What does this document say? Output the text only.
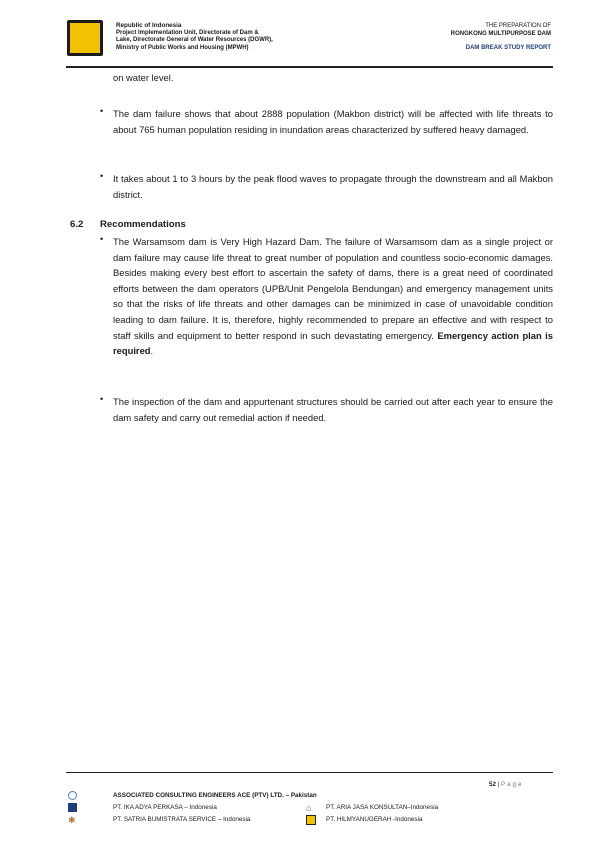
Republic of Indonesia
Project Implementation Unit, Directorate of Dam &
Lake, Directorate General of Water Resources (DGWR),
Ministry of Public Works and Housing (MPWH)
THE PREPARATION OF
RONGKONG MULTIPURPOSE DAM
DAM BREAK STUDY REPORT
on water level.
• The dam failure shows that about 2888 population (Makbon district) will be affected with life threats to about 765 human population residing in inundation areas characterized by suffered heavy damaged.
• It takes about 1 to 3 hours by the peak flood waves to propagate through the downstream and all Makbon district.
6.2 Recommendations
• The Warsamsom dam is Very High Hazard Dam. The failure of Warsamsom dam as a single project or dam failure may cause life threat to great number of population and countless socio-economic damages. Besides making every best effort to ascertain the safety of dams, there is a great need of coordinated efforts between the dam operators (UPB/Unit Pengelola Bendungan) and emergency management units so that the risks of life threats and other damages can be minimized in case of unavoidable condition leading to dam failure. It is, therefore, highly recommended to prepare an effective and with respect to staff skills and equipment to better respond in such devastating emergency. Emergency action plan is required.
• The inspection of the dam and appurtenant structures should be carried out after each year to ensure the dam safety and carry out remedial action if needed.
52 | Page
ASSOCIATED CONSULTING ENGINEERS ACE (PTV) LTD. – Pakistan
PT. IKA ADYA PERKASA – Indonesia	⌂	PT. ARIA JASA KONSULTAN–Indonesia
✱	PT. SATRIA BUMISTRATA SERVICE – Indonesia	PT. HILMYANUGERAH -Indonesia
